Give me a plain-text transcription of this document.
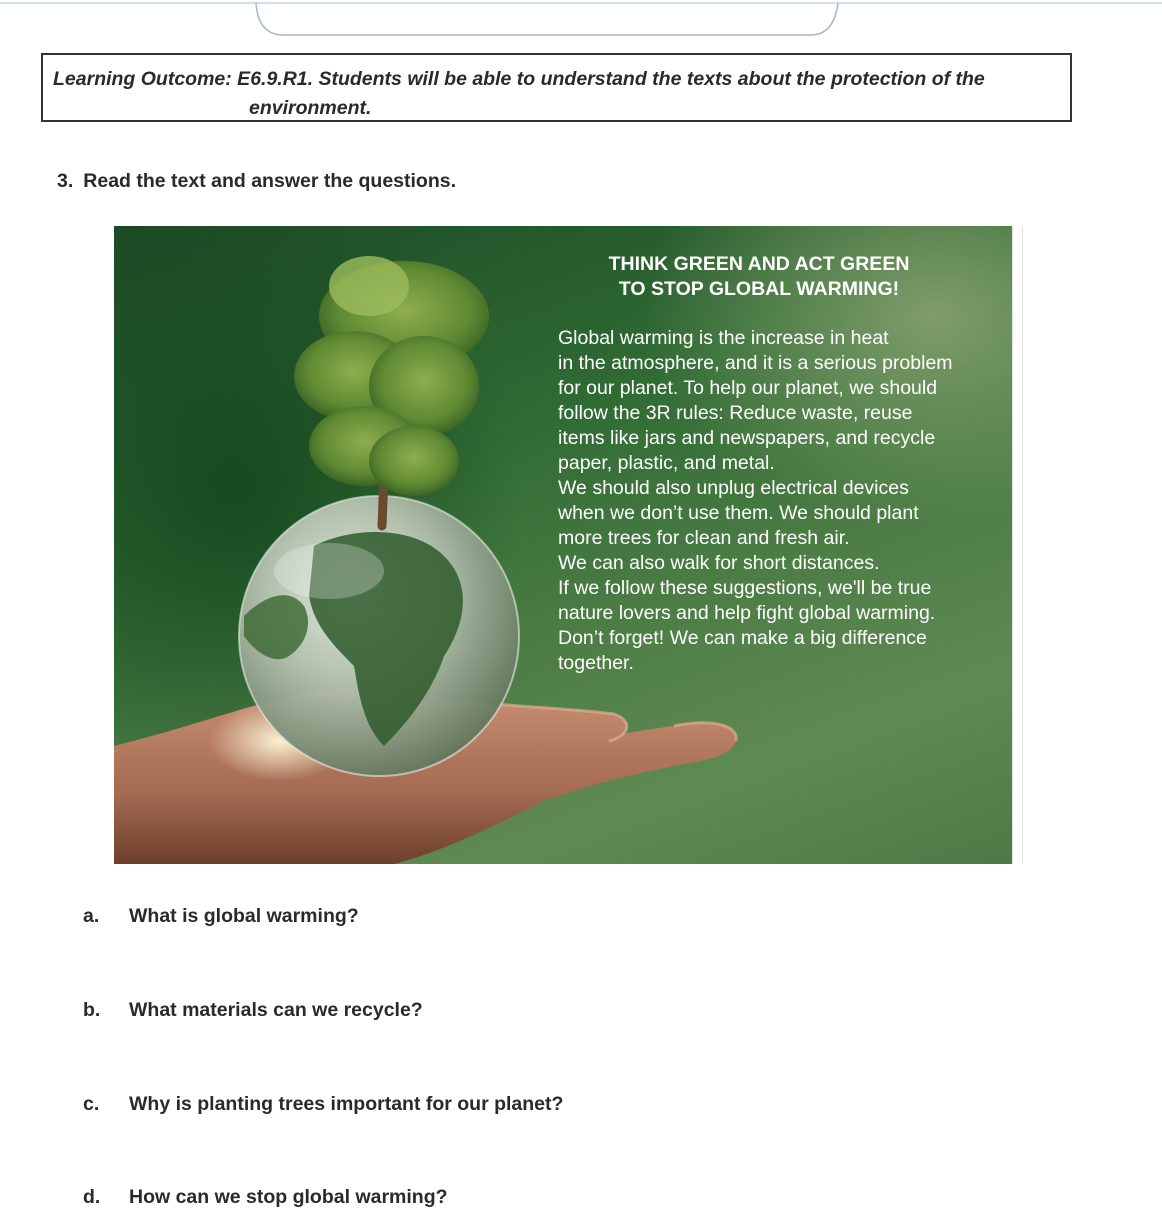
Learning Outcome: E6.9.R1. Students will be able to understand the texts about the protection of the
environment.
3. Read the text and answer the questions.
THINK GREEN AND ACT GREEN
TO STOP GLOBAL WARMING!
Global warming is the increase in heat
in the atmosphere, and it is a serious problem
for our planet. To help our planet, we should
follow the 3R rules: Reduce waste, reuse
items like jars and newspapers, and recycle
paper, plastic, and metal.
We should also unplug electrical devices
when we don’t use them. We should plant
more trees for clean and fresh air.
We can also walk for short distances.
If we follow these suggestions, we'll be true
nature lovers and help fight global warming.
Don’t forget! We can make a big difference
together.
a. What is global warming?
b. What materials can we recycle?
c. Why is planting trees important for our planet?
d. How can we stop global warming?
